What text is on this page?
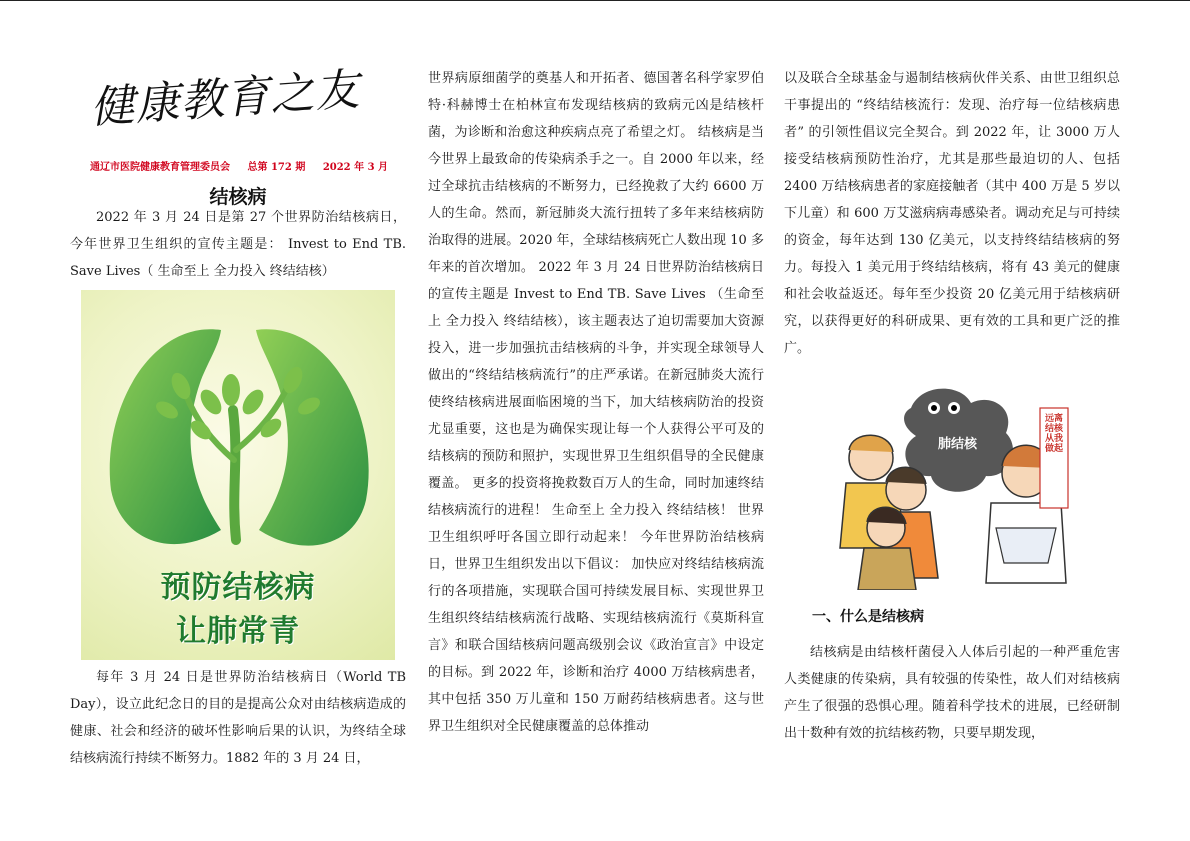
健康教育之友
通辽市医院健康教育管理委员会 总第 172 期 2022 年 3 月
结核病

2022 年 3 月 24 日是第 27 个世界防治结核病日，今年世界卫生组织的宣传主题是： Invest to End TB. Save Lives（ 生命至上 全力投入 终结结核）

预防结核病
让肺常青

每年 3 月 24 日是世界防治结核病日（World TB Day），设立此纪念日的目的是提高公众对由结核病造成的健康、社会和经济的破坏性影响后果的认识，为终结全球结核病流行持续不断努力。1882 年的 3 月 24 日，

世界病原细菌学的奠基人和开拓者、德国著名科学家罗伯特·科赫博士在柏林宣布发现结核病的致病元凶是结核杆菌，为诊断和治愈这种疾病点亮了希望之灯。 结核病是当今世界上最致命的传染病杀手之一。自 2000 年以来，经过全球抗击结核病的不断努力，已经挽救了大约 6600 万人的生命。然而，新冠肺炎大流行扭转了多年来结核病防治取得的进展。2020 年，全球结核病死亡人数出现 10 多年来的首次增加。 2022 年 3 月 24 日世界防治结核病日的宣传主题是 Invest to End TB. Save Lives （生命至上 全力投入 终结结核），该主题表达了迫切需要加大资源投入，进一步加强抗击结核病的斗争，并实现全球领导人做出的“终结结核病流行”的庄严承诺。在新冠肺炎大流行使终结核病进展面临困境的当下，加大结核病防治的投资尤显重要，这也是为确保实现让每一个人获得公平可及的结核病的预防和照护，实现世界卫生组织倡导的全民健康覆盖。 更多的投资将挽救数百万人的生命，同时加速终结结核病流行的进程！ 生命至上 全力投入 终结结核！ 世界卫生组织呼吁各国立即行动起来！ 今年世界防治结核病日，世界卫生组织发出以下倡议： 加快应对终结结核病流行的各项措施，实现联合国可持续发展目标、实现世界卫生组织终结结核病流行战略、实现结核病流行《莫斯科宣言》和联合国结核病问题高级别会议《政治宣言》中设定的目标。到 2022 年，诊断和治疗 4000 万结核病患者，其中包括 350 万儿童和 150 万耐药结核病患者。这与世界卫生组织对全民健康覆盖的总体推动

以及联合全球基金与遏制结核病伙伴关系、由世卫组织总干事提出的 “终结结核流行：发现、治疗每一位结核病患者” 的引领性倡议完全契合。到 2022 年，让 3000 万人接受结核病预防性治疗，尤其是那些最迫切的人、包括 2400 万结核病患者的家庭接触者（其中 400 万是 5 岁以下儿童）和 600 万艾滋病病毒感染者。调动充足与可持续的资金，每年达到 130 亿美元，以支持终结结核病的努力。每投入 1 美元用于终结结核病，将有 43 美元的健康和社会收益返还。每年至少投资 20 亿美元用于结核病研究，以获得更好的科研成果、更有效的工具和更广泛的推广。

肺结核
远离结核 从我做起
一、什么是结核病

结核病是由结核杆菌侵入人体后引起的一种严重危害人类健康的传染病，具有较强的传染性，故人们对结核病产生了很强的恐惧心理。随着科学技术的进展，已经研制出十数种有效的抗结核药物，只要早期发现，
